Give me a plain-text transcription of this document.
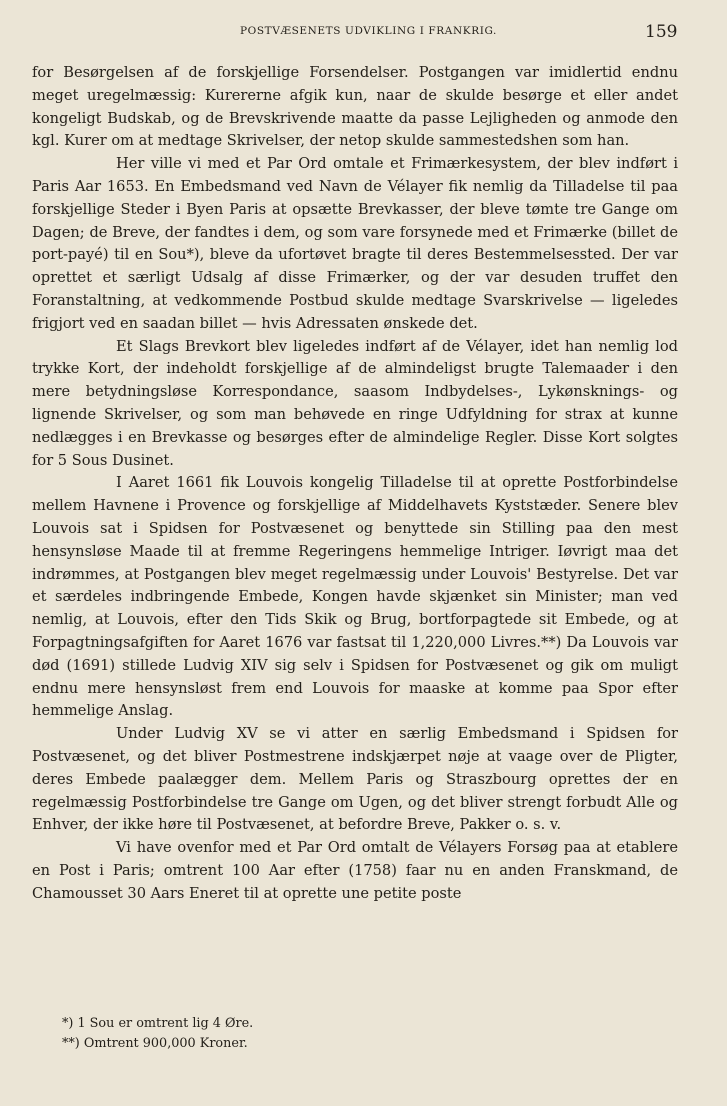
POSTVÆSENETS UDVIKLING I FRANKRIG.	159

for Besørgelsen af de forskjellige Forsendelser. Postgangen var imidlertid endnu meget uregelmæssig: Kurererne afgik kun, naar de skulde besørge et eller andet kongeligt Budskab, og de Brevskrivende maatte da passe Lejligheden og anmode den kgl. Kurer om at medtage Skrivelser, der netop skulde sammestedshen som han.

Her ville vi med et Par Ord omtale et Frimærkesystem, der blev indført i Paris Aar 1653. En Embedsmand ved Navn de Vélayer fik nemlig da Tilladelse til paa forskjellige Steder i Byen Paris at opsætte Brevkasser, der bleve tømte tre Gange om Dagen; de Breve, der fandtes i dem, og som vare forsynede med et Frimærke (billet de port-payé) til en Sou*), bleve da ufortøvet bragte til deres Bestemmelsessted. Der var oprettet et særligt Udsalg af disse Frimærker, og der var desuden truffet den Foranstaltning, at vedkommende Postbud skulde medtage Svarskrivelse — ligeledes frigjort ved en saadan billet — hvis Adressaten ønskede det.

Et Slags Brevkort blev ligeledes indført af de Vélayer, idet han nemlig lod trykke Kort, der indeholdt forskjellige af de almindeligst brugte Talemaader i den mere betydningsløse Korrespondance, saasom Indbydelses-, Lykønsknings- og lignende Skrivelser, og som man behøvede en ringe Udfyldning for strax at kunne nedlægges i en Brevkasse og besørges efter de almindelige Regler. Disse Kort solgtes for 5 Sous Dusinet.

I Aaret 1661 fik Louvois kongelig Tilladelse til at oprette Postforbindelse mellem Havnene i Provence og forskjellige af Middelhavets Kyststæder. Senere blev Louvois sat i Spidsen for Postvæsenet og benyttede sin Stilling paa den mest hensynsløse Maade til at fremme Regeringens hemmelige Intriger. Iøvrigt maa det indrømmes, at Postgangen blev meget regelmæssig under Louvois' Bestyrelse. Det var et særdeles indbringende Embede, Kongen havde skjænket sin Minister; man ved nemlig, at Louvois, efter den Tids Skik og Brug, bortforpagtede sit Embede, og at Forpagtningsafgiften for Aaret 1676 var fastsat til 1,220,000 Livres.**) Da Louvois var død (1691) stillede Ludvig XIV sig selv i Spidsen for Postvæsenet og gik om muligt endnu mere hensynsløst frem end Louvois for maaske at komme paa Spor efter hemmelige Anslag.

Under Ludvig XV se vi atter en særlig Embedsmand i Spidsen for Postvæsenet, og det bliver Postmestrene indskjærpet nøje at vaage over de Pligter, deres Embede paalægger dem. Mellem Paris og Straszbourg oprettes der en regelmæssig Postforbindelse tre Gange om Ugen, og det bliver strengt forbudt Alle og Enhver, der ikke høre til Postvæsenet, at befordre Breve, Pakker o. s. v.

Vi have ovenfor med et Par Ord omtalt de Vélayers Forsøg paa at etablere en Post i Paris; omtrent 100 Aar efter (1758) faar nu en anden Franskmand, de Chamousset 30 Aars Eneret til at oprette une petite poste

*) 1 Sou er omtrent lig 4 Øre.

**) Omtrent 900,000 Kroner.
